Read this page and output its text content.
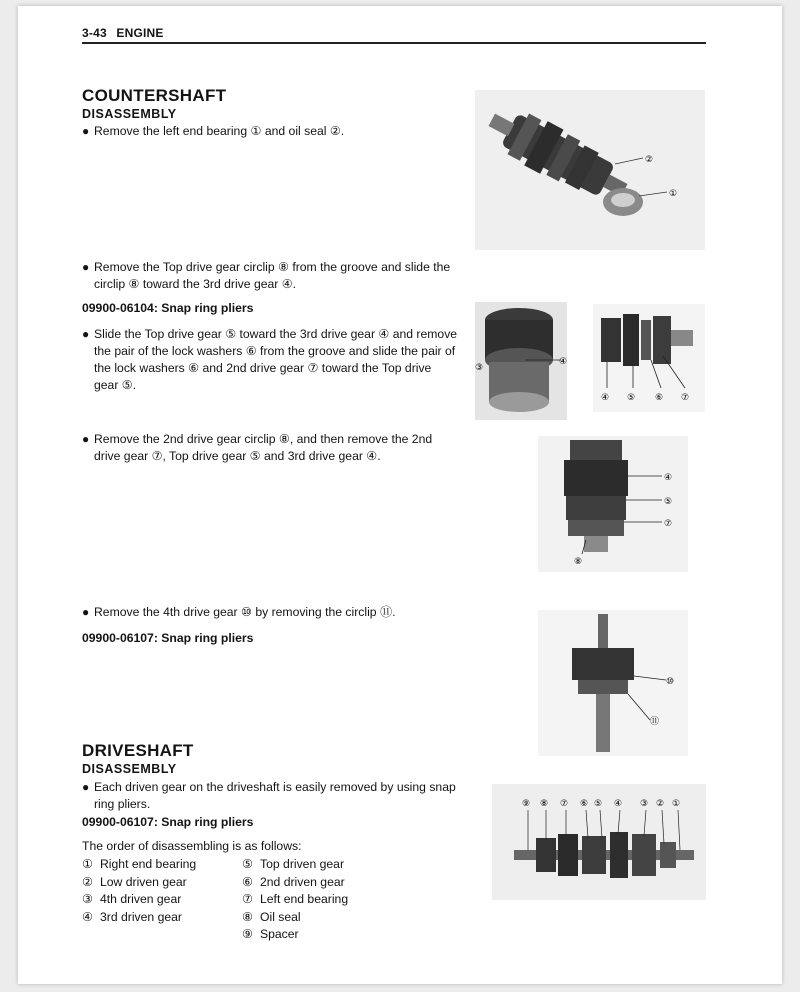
3-43 ENGINE
COUNTERSHAFT
DISASSEMBLY
● Remove the left end bearing ① and oil seal ②.
● Remove the Top drive gear circlip ⑧ from the groove and slide the circlip ⑧ toward the 3rd drive gear ④.
09900-06104: Snap ring pliers
● Slide the Top drive gear ⑤ toward the 3rd drive gear ④ and remove the pair of the lock washers ⑥ from the groove and slide the pair of the lock washers ⑥ and 2nd drive gear ⑦ toward the Top drive gear ⑤.
● Remove the 2nd drive gear circlip ⑧, and then remove the 2nd drive gear ⑦, Top drive gear ⑤ and 3rd drive gear ④.
● Remove the 4th drive gear ⑩ by removing the circlip ⑪.
09900-06107: Snap ring pliers
DRIVESHAFT
DISASSEMBLY
● Each driven gear on the driveshaft is easily removed by using snap ring pliers.
09900-06107: Snap ring pliers
The order of disassembling is as follows:
① Right end bearing
② Low driven gear
③ 4th driven gear
④ 3rd driven gear
⑤ Top driven gear
⑥ 2nd driven gear
⑦ Left end bearing
⑧ Oil seal
⑨ Spacer
②
①
③
④
④ ⑤ ⑥ ⑦
④
⑤
⑦
⑧
⑩
⑪
⑨ ⑧ ⑦ ⑥ ⑤ ④ ③ ② ①
